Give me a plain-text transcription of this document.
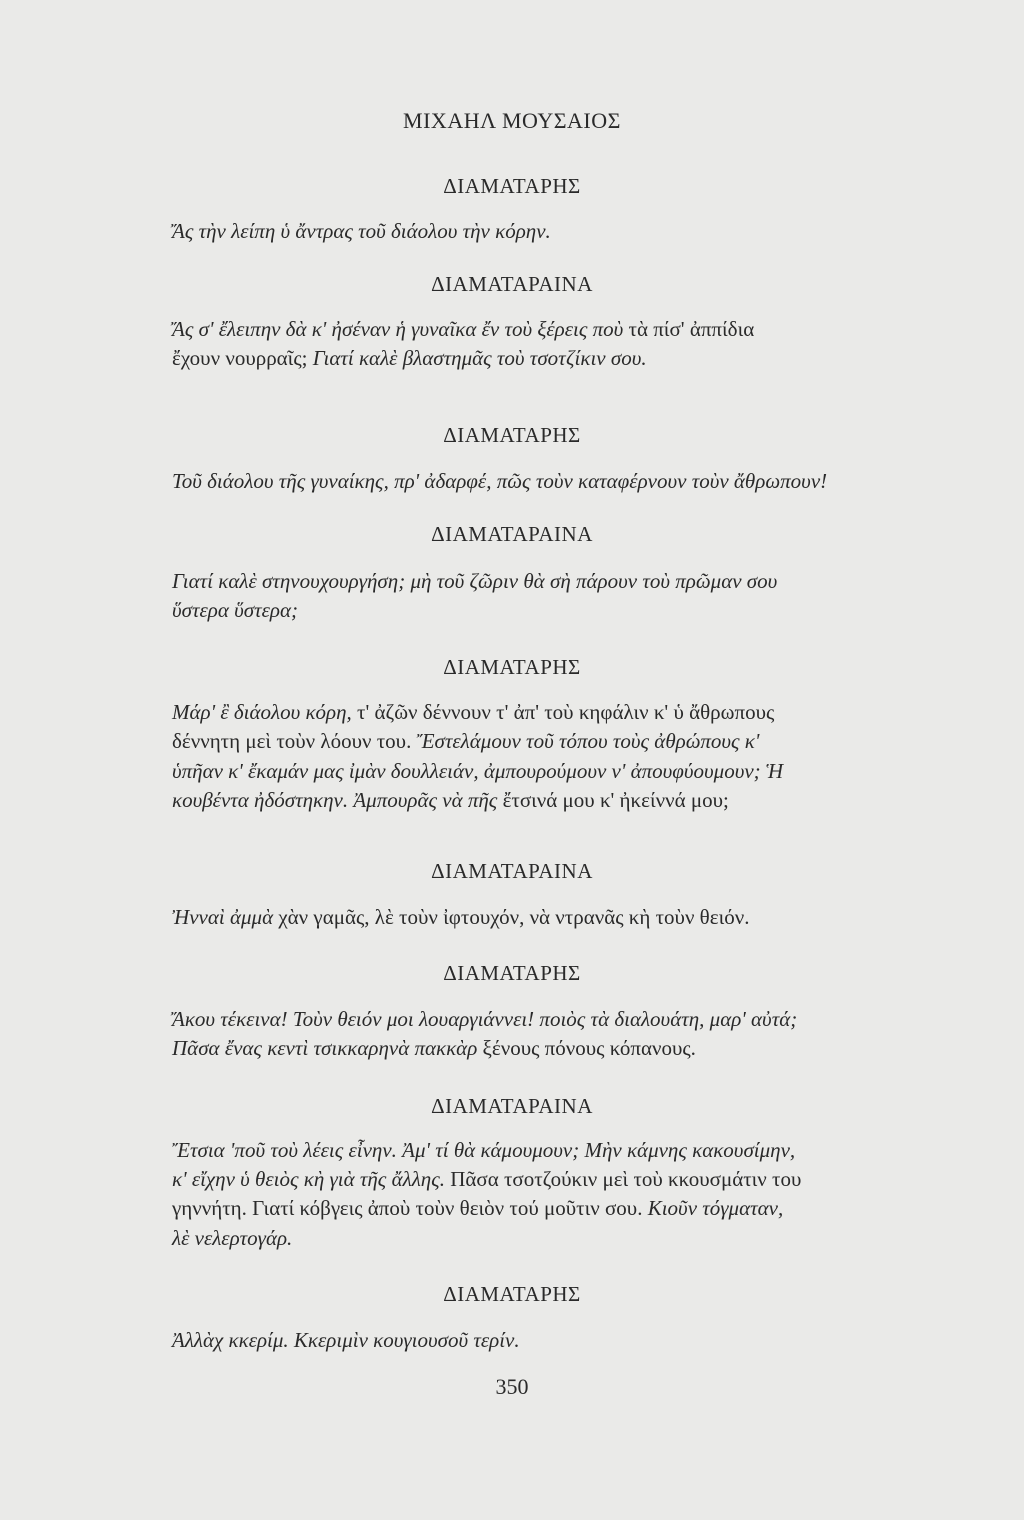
ΜΙΧΑΗΛ ΜΟΥΣΑΙΟΣ
ΔΙΑΜΑΤΑΡΗΣ
Ἄς τὴν λείπη ὑ ἄντρας τοῦ διάολου τὴν κόρην.
ΔΙΑΜΑΤΑΡΑΙΝΑ
Ἄς σ' ἔλειπην δὰ κ' ἠσέναν ἡ γυναῖκα ἔν τοὺ ξέρεις ποὺ τὰ πίσ' ἀππίδια
ἔχουν νουρραῖς; Γιατί καλὲ βλαστημᾶς τοὺ τσοτζίκιν σου.
ΔΙΑΜΑΤΑΡΗΣ
Τοῦ διάολου τῆς γυναίκης, πρ' ἀδαρφέ, πῶς τοὺν καταφέρνουν τοὺν ἄθρωπουν!
ΔΙΑΜΑΤΑΡΑΙΝΑ
Γιατί καλὲ στηνουχουργήση; μὴ τοῦ ζῶριν θὰ σὴ πάρουν τοὺ πρῶμαν σου
ὕστερα ὕστερα;
ΔΙΑΜΑΤΑΡΗΣ
Μάρ' ἒ διάολου κόρη, τ' ἀζῶν δέννουν τ' ἀπ' τοὺ κηφάλιν κ' ὑ ἄθρωπους
δέννητη μεὶ τοὺν λόουν του. Ἔστελάμουν τοῦ τόπου τοὺς ἀθρώπους κ'
ὑπῆαν κ' ἔκαμάν μας ἰμὰν δουλλειάν, ἀμπουρούμουν ν' ἀπουφύουμουν; Ἡ
κουβέντα ἠδόστηκην. Ἀμπουρᾶς νὰ πῆς ἔτσινά μου κ' ἠκείννά μου;
ΔΙΑΜΑΤΑΡΑΙΝΑ
Ἠνναὶ ἀμμὰ χὰν γαμᾶς, λὲ τοὺν ἰφτουχόν, νὰ ντρανᾶς κὴ τοὺν θειόν.
ΔΙΑΜΑΤΑΡΗΣ
Ἄκου τέκεινα! Τοὺν θειόν μοι λουαργιάννει! ποιὸς τὰ διαλουάτη, μαρ' αὐτά;
Πᾶσα ἔνας κεντὶ τσικκαρηνὰ πακκὰρ ξένους πόνους κόπανους.
ΔΙΑΜΑΤΑΡΑΙΝΑ
Ἔτσια 'ποῦ τοὺ λέεις εἶνην. Ἀμ' τί θὰ κάμουμουν; Μὴν κάμνης κακουσίμην,
κ' εἴχην ὑ θειὸς κὴ γιὰ τῆς ἄλλης. Πᾶσα τσοτζούκιν μεὶ τοὺ κκουσμάτιν του
γηννήτη. Γιατί κόβγεις ἀποὺ τοὺν θειὸν τού μοῦτιν σου. Κιοῦν τόγματαν,
λὲ νελερτογάρ.
ΔΙΑΜΑΤΑΡΗΣ
Ἀλλὰχ κκερίμ. Κκεριμὶν κουγιουσοῦ τερίν.
350
